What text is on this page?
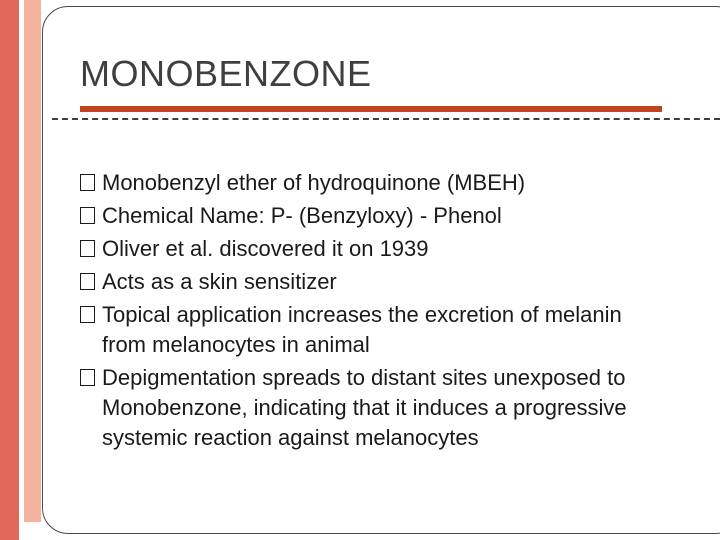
MONOBENZONE
Monobenzyl ether of hydroquinone (MBEH)
Chemical Name: P- (Benzyloxy) - Phenol
Oliver et al. discovered it on 1939
Acts as a skin sensitizer
Topical application increases the excretion of melanin from melanocytes in animal
Depigmentation spreads to distant sites unexposed to Monobenzone, indicating that it induces a progressive systemic reaction against melanocytes
